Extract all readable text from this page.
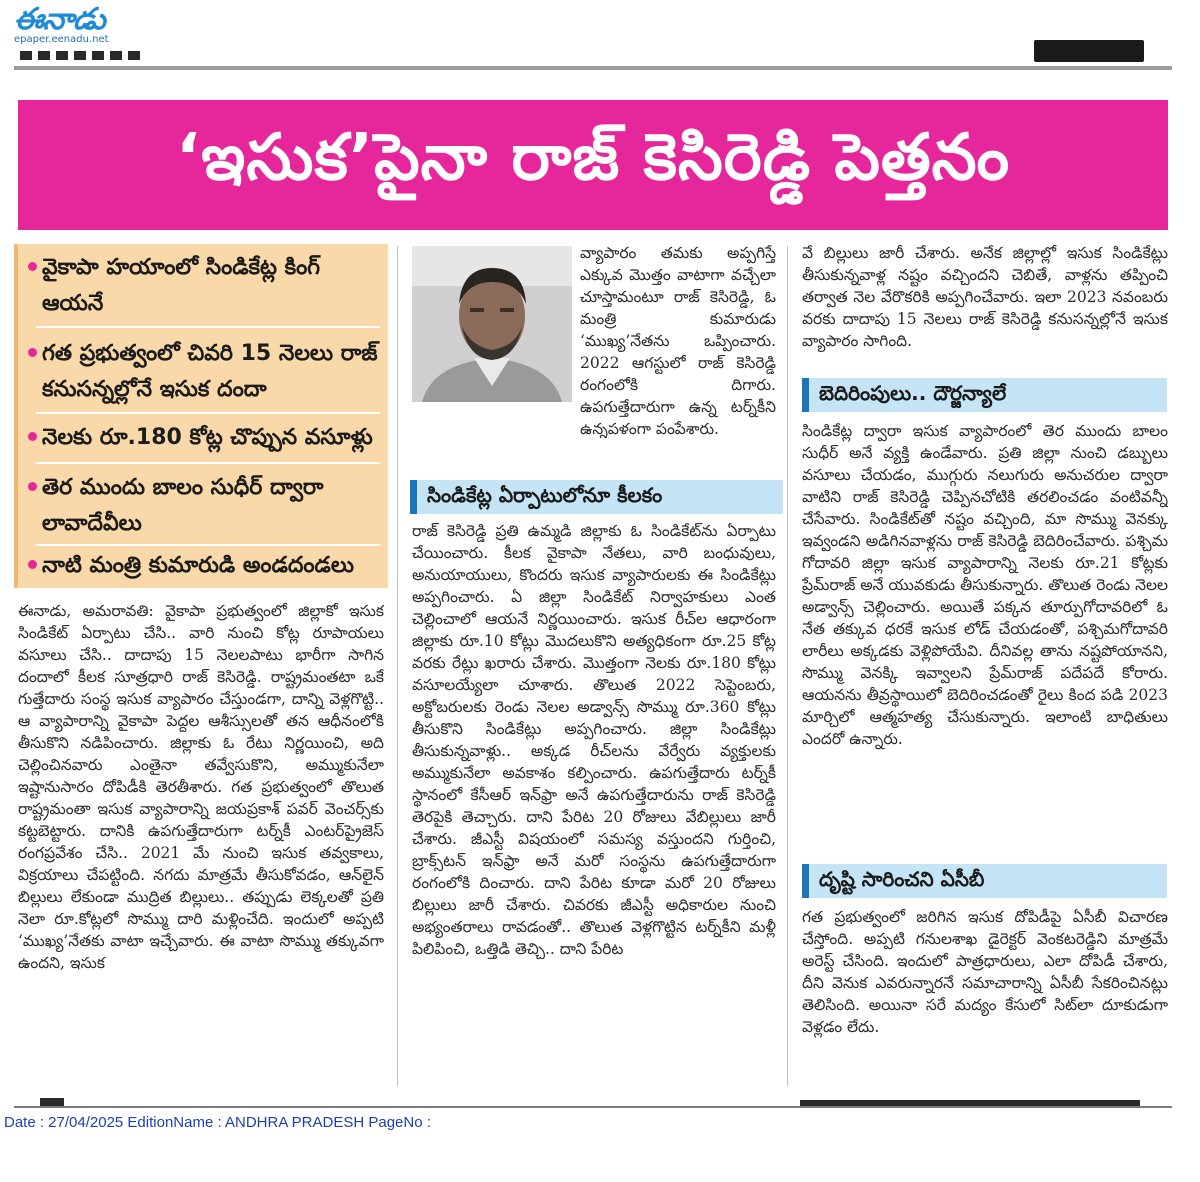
ఈనాడు
epaper.eenadu.net
‘ఇసుక’పైనా రాజ్‌ కెసిరెడ్డి పెత్తనం
వైకాపా హయాంలో సిండికేట్ల కింగ్‌ ఆయనే
గత ప్రభుత్వంలో చివరి 15 నెలలు రాజ్‌ కనుసన్నల్లోనే ఇసుక దందా
నెలకు రూ.180 కోట్ల చొప్పున వసూళ్లు
తెర ముందు బాలం సుధీర్‌ ద్వారా లావాదేవీలు
నాటి మంత్రి కుమారుడి అండదండలు
ఈనాడు, అమరావతి: వైకాపా ప్రభుత్వంలో జిల్లాకో ఇసుక సిండికేట్‌ ఏర్పాటు చేసి.. వారి నుంచి కోట్ల రూపాయలు వసూలు చేసి.. దాదాపు 15 నెలలపాటు భారీగా సాగిన దందాలో కీలక సూత్రధారి రాజ్‌ కెసిరెడ్డి. రాష్ట్రమంతటా ఒకే గుత్తేదారు సంస్థ ఇసుక వ్యాపారం చేస్తుండగా, దాన్ని వెళ్లగొట్టి.. ఆ వ్యాపారాన్ని వైకాపా పెద్దల ఆశీస్సులతో తన ఆధీనంలోకి తీసుకొని నడిపించారు. జిల్లాకు ఓ రేటు నిర్ణయించి, అది చెల్లించినవారు ఎంతైనా తవ్వేసుకొని, అమ్ముకునేలా ఇష్టానుసారం దోపిడీకి తెరతీశారు. గత ప్రభుత్వంలో తొలుత రాష్ట్రమంతా ఇసుక వ్యాపారాన్ని జయప్రకాశ్‌ పవర్‌ వెంచర్స్‌కు కట్టబెట్టారు. దానికి ఉపగుత్తేదారుగా టర్న్‌కీ ఎంటర్‌ప్రైజెస్‌ రంగప్రవేశం చేసి.. 2021 మే నుంచి ఇసుక తవ్వకాలు, విక్రయాలు చేపట్టింది. నగదు మాత్రమే తీసుకోవడం, ఆన్‌లైన్‌ బిల్లులు లేకుండా ముద్రిత బిల్లులు.. తప్పుడు లెక్కలతో ప్రతి నెలా రూ.కోట్లలో సొమ్ము దారి మళ్లించేది. ఇందులో అప్పటి ‘ముఖ్య’నేతకు వాటా ఇచ్చేవారు. ఈ వాటా సొమ్ము తక్కువగా ఉందని, ఇసుక
వ్యాపారం తమకు అప్పగిస్తే ఎక్కువ మొత్తం వాటాగా వచ్చేలా చూస్తామంటూ రాజ్‌ కెసిరెడ్డి, ఓ మంత్రి కుమారుడు ‘ముఖ్య’నేతను ఒప్పించారు. 2022 ఆగస్టులో రాజ్‌ కెసిరెడ్డి రంగంలోకి దిగారు. ఉపగుత్తేదారుగా ఉన్న టర్న్‌కీని ఉన్నపళంగా పంపేశారు.
సిండికేట్ల ఏర్పాటులోనూ కీలకం
రాజ్‌ కెసిరెడ్డి ప్రతి ఉమ్మడి జిల్లాకు ఓ సిండికేట్‌ను ఏర్పాటు చేయించారు. కీలక వైకాపా నేతలు, వారి బంధువులు, అనుయాయులు, కొందరు ఇసుక వ్యాపారులకు ఈ సిండికేట్లు అప్పగించారు. ఏ జిల్లా సిండికేట్‌ నిర్వాహకులు ఎంత చెల్లించాలో ఆయనే నిర్ణయించారు. ఇసుక రీచ్‌ల ఆధారంగా జిల్లాకు రూ.10 కోట్లు మొదలుకొని అత్యధికంగా రూ.25 కోట్ల వరకు రేట్లు ఖరారు చేశారు. మొత్తంగా నెలకు రూ.180 కోట్లు వసూలయ్యేలా చూశారు. తొలుత 2022 సెప్టెంబరు, అక్టోబరులకు రెండు నెలల అడ్వాన్స్‌ సొమ్ము రూ.360 కోట్లు తీసుకొని సిండికేట్లు అప్పగించారు. జిల్లా సిండికేట్లు తీసుకున్నవాళ్లు.. అక్కడ రీచ్‌లను వేర్వేరు వ్యక్తులకు అమ్ముకునేలా అవకాశం కల్పించారు. ఉపగుత్తేదారు టర్న్‌కీ స్థానంలో కేసీఆర్‌ ఇన్‌ఫ్రా అనే ఉపగుత్తేదారును రాజ్‌ కెసిరెడ్డి తెరపైకి తెచ్చారు. దాని పేరిట 20 రోజులు వేబిల్లులు జారీ చేశారు. జీఎస్టీ విషయంలో సమస్య వస్తుందని గుర్తించి, బ్రాక్స్‌టన్‌ ఇన్‌ఫ్రా అనే మరో సంస్థను ఉపగుత్తేదారుగా రంగంలోకి దించారు. దాని పేరిట కూడా మరో 20 రోజులు బిల్లులు జారీ చేశారు. చివరకు జీఎస్టీ అధికారుల నుంచి అభ్యంతరాలు రావడంతో.. తొలుత వెళ్లగొట్టిన టర్న్‌కీని మళ్లీ పిలిపించి, ఒత్తిడి తెచ్చి.. దాని పేరిట
వే బిల్లులు జారీ చేశారు. అనేక జిల్లాల్లో ఇసుక సిండికేట్లు తీసుకున్నవాళ్ల నష్టం వచ్చిందని చెబితే, వాళ్లను తప్పించి తర్వాత నెల వేరొకరికి అప్పగించేవారు. ఇలా 2023 నవంబరు వరకు దాదాపు 15 నెలలు రాజ్‌ కెసిరెడ్డి కనుసన్నల్లోనే ఇసుక వ్యాపారం సాగింది.
బెదిరింపులు.. దౌర్జన్యాలే
సిండికేట్ల ద్వారా ఇసుక వ్యాపారంలో తెర ముందు బాలం సుధీర్‌ అనే వ్యక్తి ఉండేవారు. ప్రతి జిల్లా నుంచి డబ్బులు వసూలు చేయడం, ముగ్గురు నలుగురు అనుచరుల ద్వారా వాటిని రాజ్‌ కెసిరెడ్డి చెప్పినచోటికి తరలించడం వంటివన్నీ చేసేవారు. సిండికేట్‌తో నష్టం వచ్చింది, మా సొమ్ము వెనక్కు ఇవ్వండని అడిగినవాళ్లను రాజ్‌ కెసిరెడ్డి బెదిరించేవారు. పశ్చిమ గోదావరి జిల్లా ఇసుక వ్యాపారాన్ని నెలకు రూ.21 కోట్లకు ప్రేమ్‌రాజ్‌ అనే యువకుడు తీసుకున్నారు. తొలుత రెండు నెలల అడ్వాన్స్‌ చెల్లించారు. అయితే పక్కన తూర్పుగోదావరిలో ఓ నేత తక్కువ ధరకే ఇసుక లోడ్‌ చేయడంతో, పశ్చిమగోదావరి లారీలు అక్కడకు వెళ్లిపోయేవి. దీనివల్ల తాను నష్టపోయానని, సొమ్ము వెనక్కి ఇవ్వాలని ప్రేమ్‌రాజ్‌ పదేపదే కోరారు. ఆయనను తీవ్రస్థాయిలో బెదిరించడంతో రైలు కింద పడి 2023 మార్చిలో ఆత్మహత్య చేసుకున్నారు. ఇలాంటి బాధితులు ఎందరో ఉన్నారు.
దృష్టి సారించని ఏసీబీ
గత ప్రభుత్వంలో జరిగిన ఇసుక దోపిడీపై ఏసీబీ విచారణ చేస్తోంది. అప్పటి గనులశాఖ డైరెక్టర్‌ వెంకటరెడ్డిని మాత్రమే అరెస్ట్‌ చేసింది. ఇందులో పాత్రధారులు, ఎలా దోపిడీ చేశారు, దీని వెనుక ఎవరున్నారనే సమాచారాన్ని ఏసీబీ సేకరించినట్లు తెలిసింది. అయినా సరే మద్యం కేసులో సిట్‌లా దూకుడుగా వెళ్లడం లేదు.
Date : 27/04/2025 EditionName : ANDHRA PRADESH PageNo :
